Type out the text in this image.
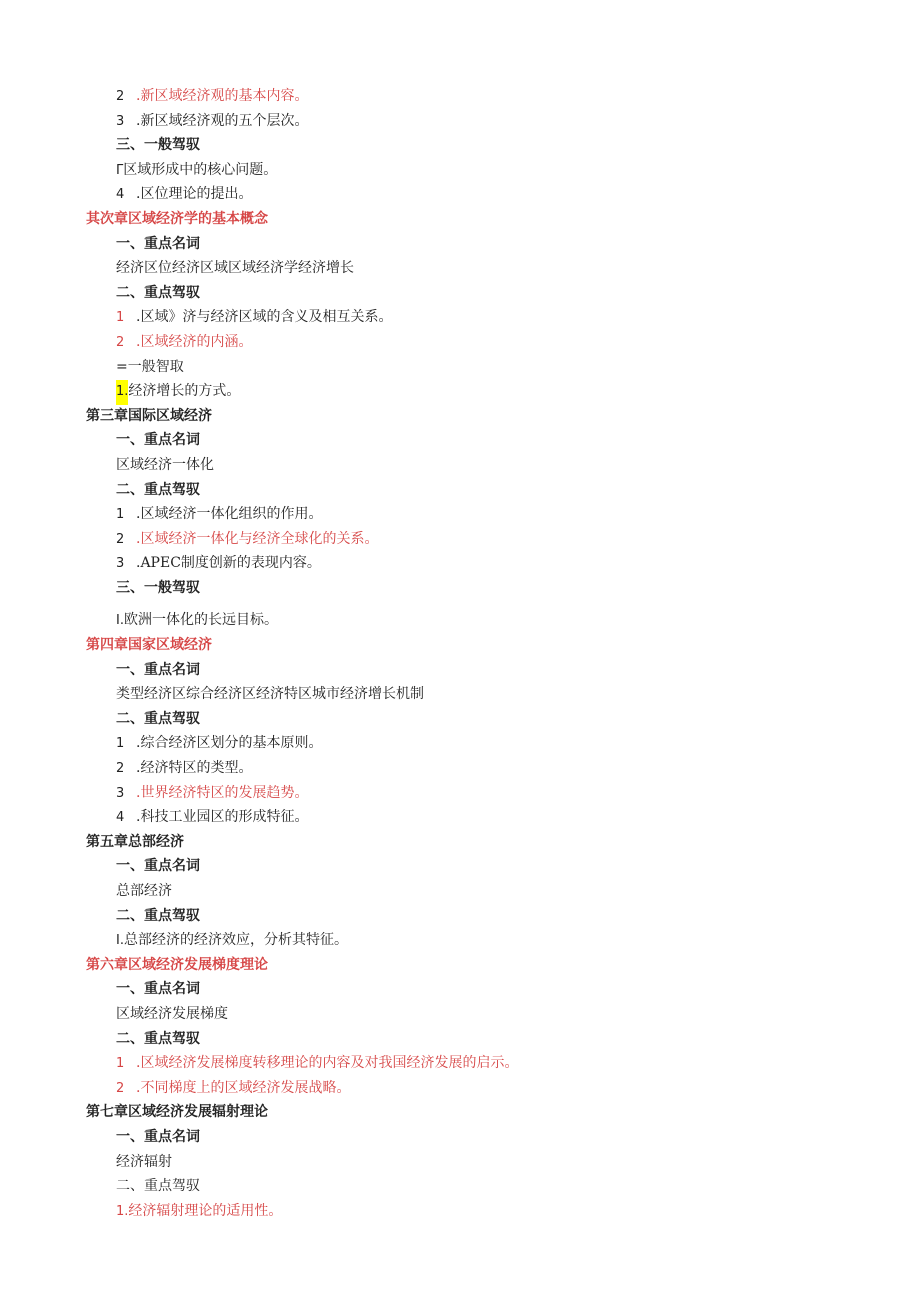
2 .新区域经济观的基本内容。
3 .新区域经济观的五个层次。
三、一般驾驭
Γ区域形成中的核心问题。
4 .区位理论的提出。
其次章区域经济学的基本概念
一、重点名词
经济区位经济区域区域经济学经济增长
二、重点驾驭
1 .区域》济与经济区域的含义及相互关系。
2 .区域经济的内涵。
=一般智取
1.经济增长的方式。
第三章国际区域经济
一、重点名词
区域经济一体化
二、重点驾驭
1 .区域经济一体化组织的作用。
2 .区域经济一体化与经济全球化的关系。
3 .APEC制度创新的表现内容。
三、一般驾驭
I.欧洲一体化的长远目标。
第四章国家区域经济
一、重点名词
类型经济区综合经济区经济特区城市经济增长机制
二、重点驾驭
1 .综合经济区划分的基本原则。
2 .经济特区的类型。
3 .世界经济特区的发展趋势。
4 .科技工业园区的形成特征。
第五章总部经济
一、重点名词
总部经济
二、重点驾驭
I.总部经济的经济效应，分析其特征。
第六章区域经济发展梯度理论
一、重点名词
区域经济发展梯度
二、重点驾驭
1 .区域经济发展梯度转移理论的内容及对我国经济发展的启示。
2 .不同梯度上的区域经济发展战略。
第七章区域经济发展辐射理论
一、重点名词
经济辐射
二、重点驾驭
1.经济辐射理论的适用性。
